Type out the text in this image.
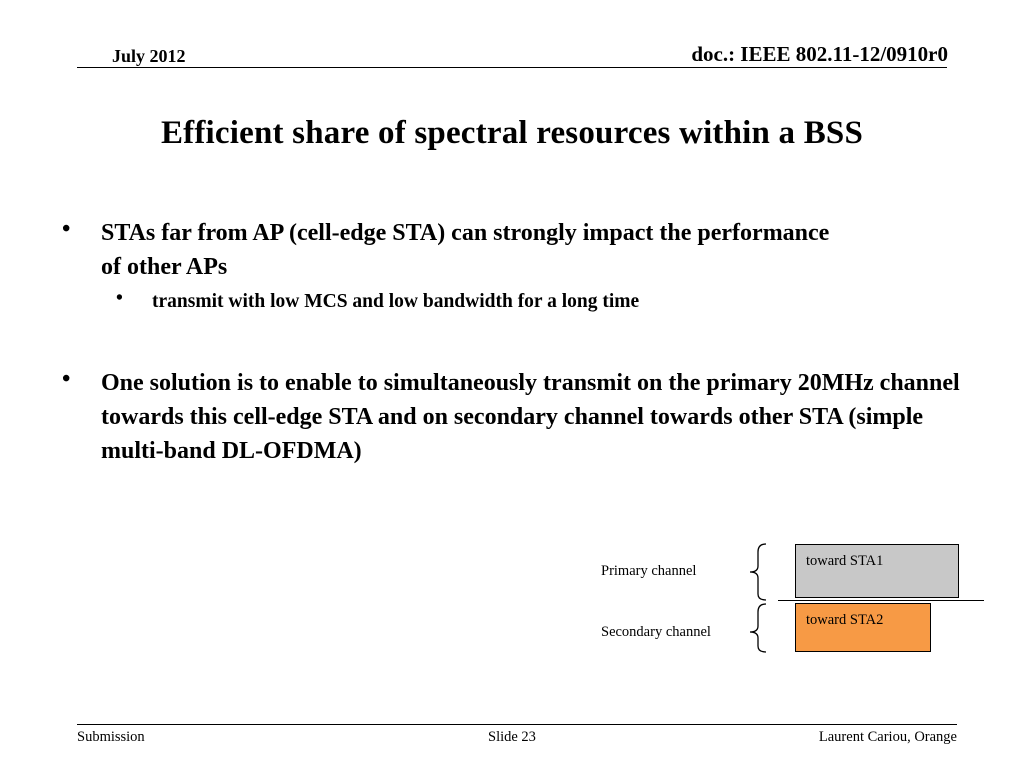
July 2012	doc.: IEEE 802.11-12/0910r0
Efficient share of spectral resources within a BSS
• STAs far from AP (cell-edge STA) can strongly impact the performance of other APs
• transmit with low MCS and low bandwidth for a long time
• One solution is to enable to simultaneously transmit on the primary 20MHz channel towards this cell-edge STA and on secondary channel towards other STA (simple multi-band DL-OFDMA)
Primary channel
Secondary channel
toward STA1
toward STA2
Submission	Slide 23	Laurent Cariou, Orange
